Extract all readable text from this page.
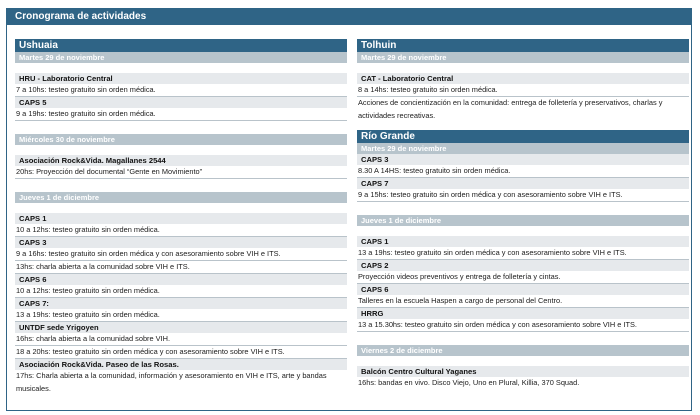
Cronograma de actividades
Ushuaia
Martes 29 de noviembre
HRU - Laboratorio Central
7 a 10hs: testeo gratuito sin orden médica.
CAPS 5
9 a 19hs: testeo gratuito sin orden médica.
Miércoles 30 de noviembre
Asociación Rock&Vida. Magallanes 2544
20hs: Proyección del documental “Gente en Movimiento”
Jueves 1 de diciembre
CAPS 1
10 a 12hs: testeo gratuito sin orden médica.
CAPS 3
9 a 16hs: testeo gratuito sin orden médica y con asesoramiento sobre VIH e ITS.
13hs: charla abierta a la comunidad sobre VIH e ITS.
CAPS 6
10 a 12hs: testeo gratuito sin orden médica.
CAPS 7:
13 a 19hs: testeo gratuito sin orden médica.
UNTDF sede Yrigoyen
16hs: charla abierta a la comunidad sobre VIH.
18 a 20hs: testeo gratuito sin orden médica y con asesoramiento sobre VIH e ITS.
Asociación Rock&Vida. Paseo de las Rosas.
17hs: Charla abierta a la comunidad, información y asesoramiento en VIH e ITS, arte y bandas
musicales.
Tolhuin
Martes 29 de noviembre
CAT - Laboratorio Central
8 a 14hs: testeo gratuito sin orden médica.
Acciones de concientización en la comunidad: entrega de folletería y preservativos, charlas y
actividades recreativas.
Río Grande
Martes 29 de noviembre
CAPS 3
8.30 A 14HS: testeo gratuito sin orden médica.
CAPS 7
9 a 15hs: testeo gratuito sin orden médica y con asesoramiento sobre VIH e ITS.
Jueves 1 de diciembre
CAPS 1
13 a 19hs: testeo gratuito sin orden médica y con asesoramiento sobre VIH e ITS.
CAPS 2
Proyección videos preventivos y entrega de folletería y cintas.
CAPS 6
Talleres en la escuela Haspen a cargo de personal del Centro.
HRRG
13 a 15.30hs: testeo gratuito sin orden médica y con asesoramiento sobre VIH e ITS.
Viernes 2 de diciembre
Balcón Centro Cultural Yaganes
16hs: bandas en vivo. Disco Viejo, Uno en Plural, Killia, 370 Squad.
